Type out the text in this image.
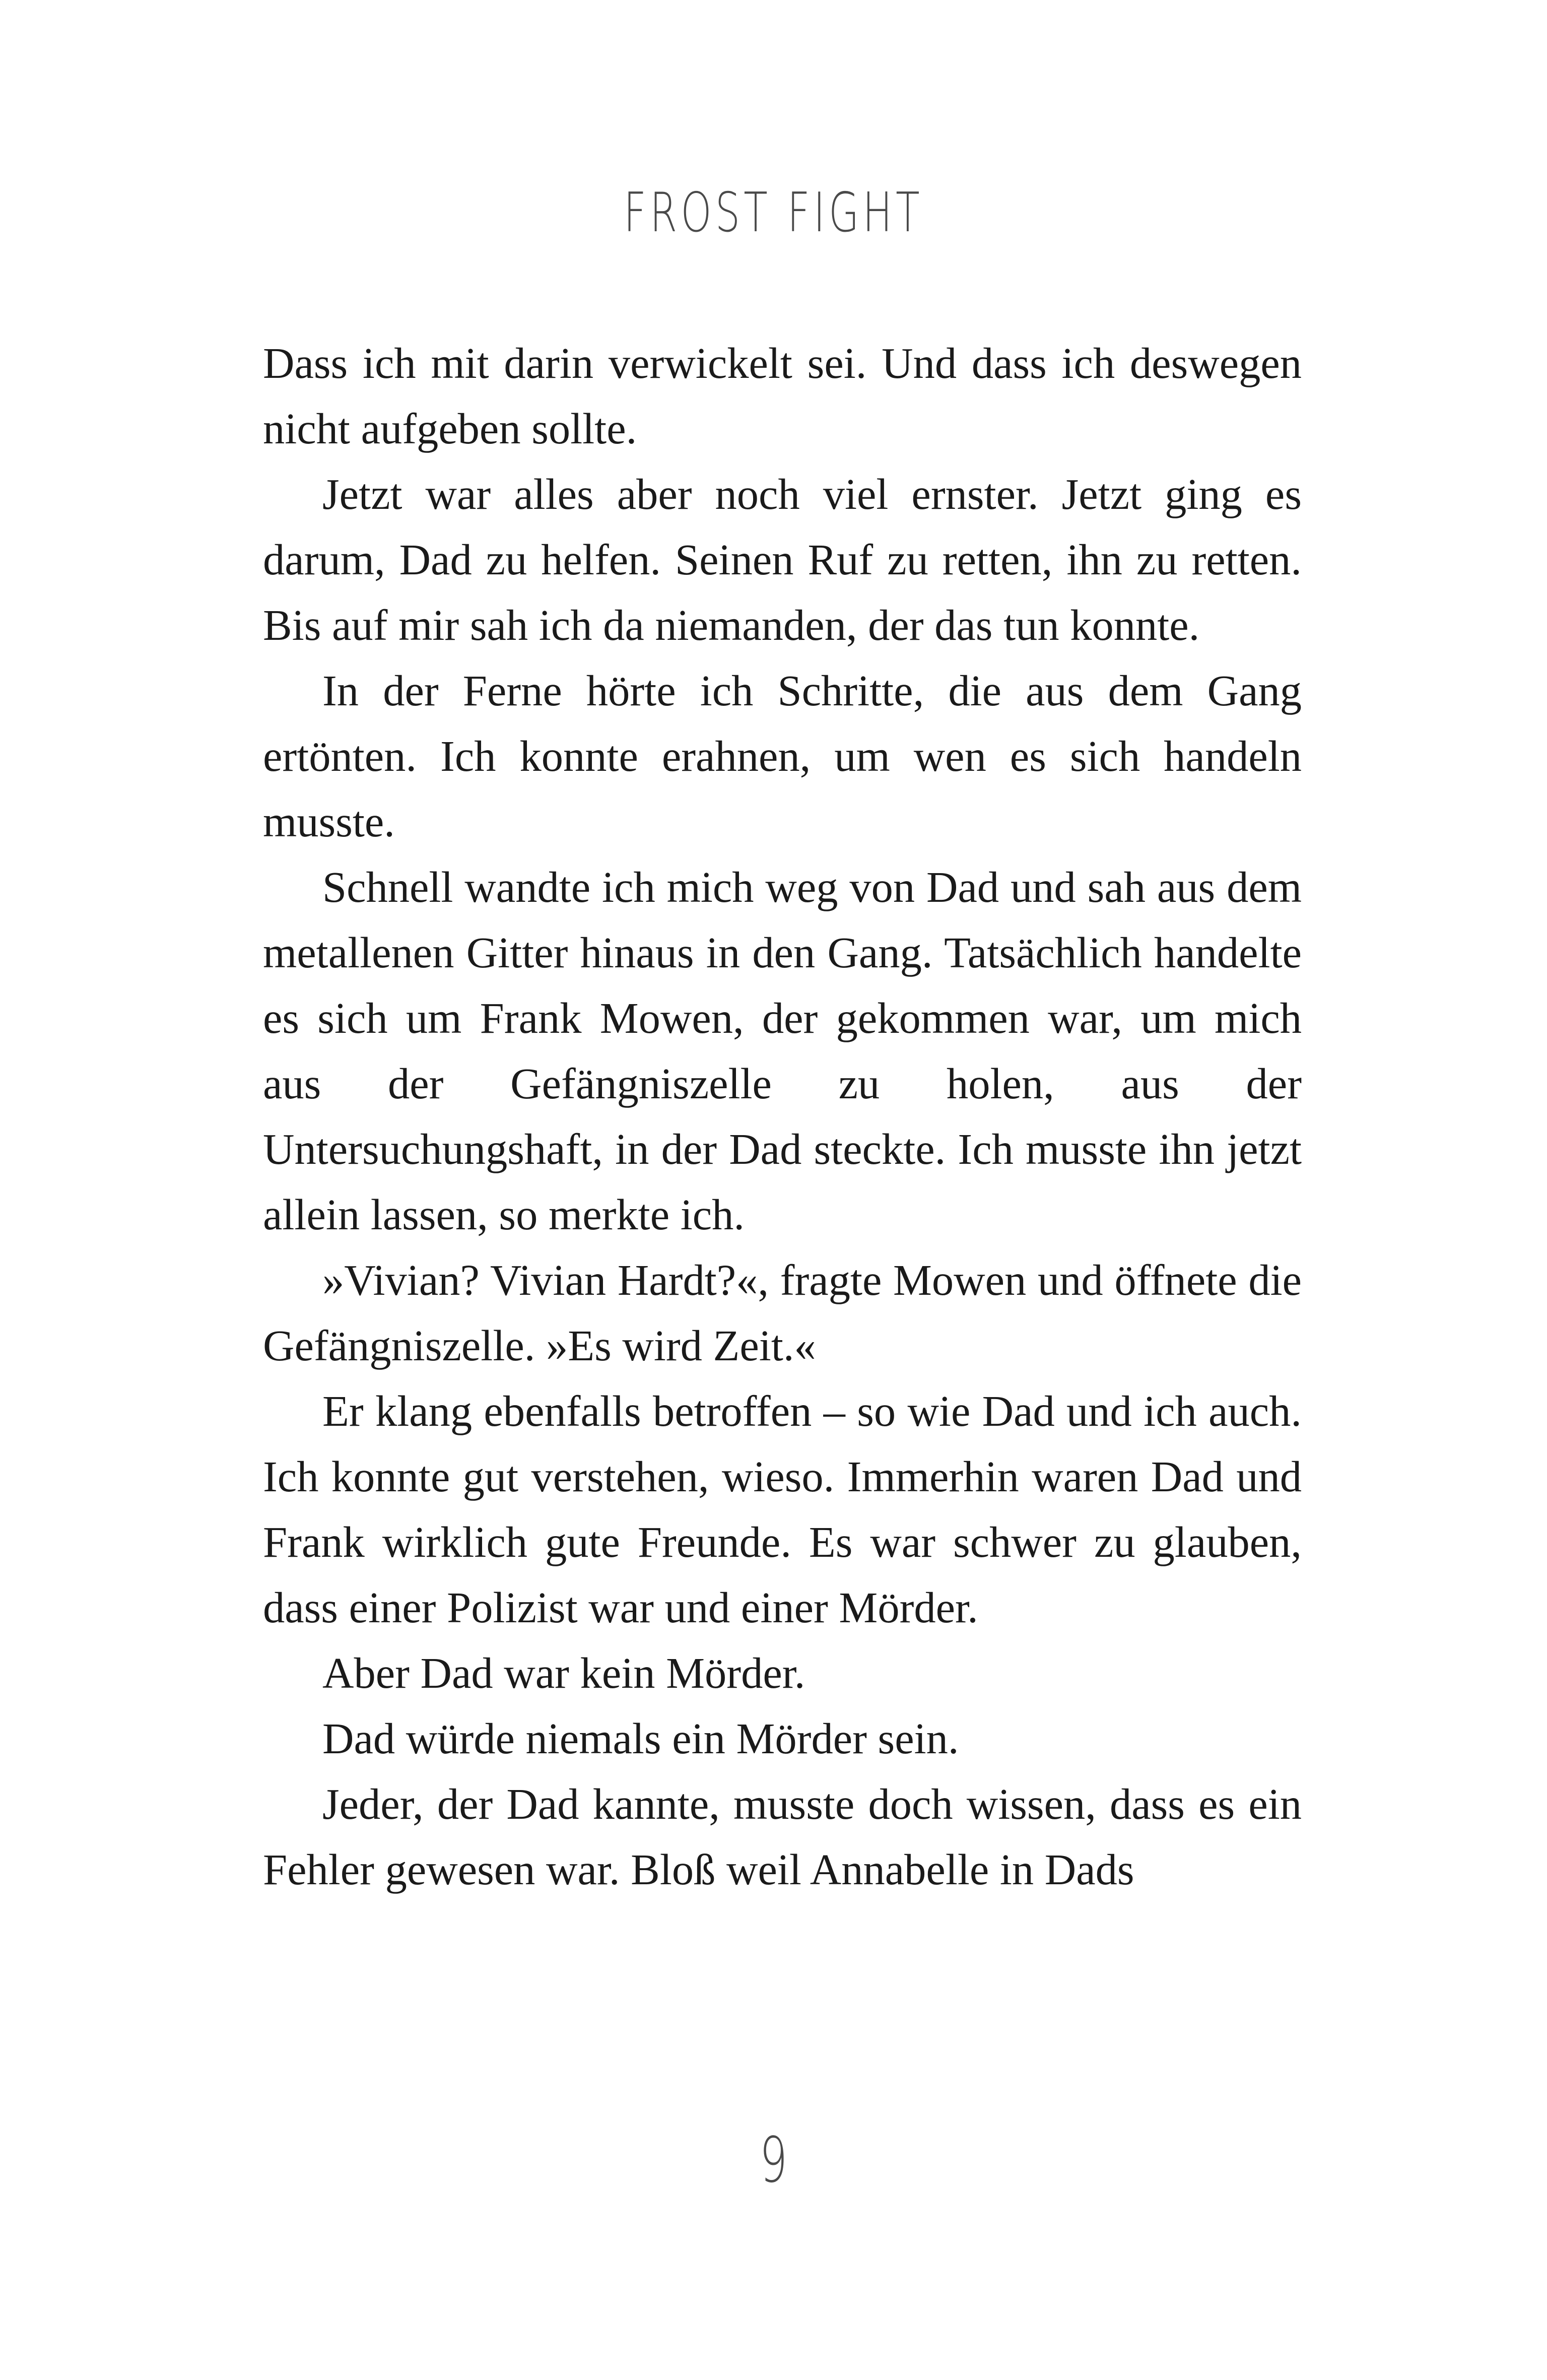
FROST FIGHT

Dass ich mit darin verwickelt sei. Und dass ich deswegen nicht aufgeben sollte.

Jetzt war alles aber noch viel ernster. Jetzt ging es darum, Dad zu helfen. Seinen Ruf zu retten, ihn zu retten. Bis auf mir sah ich da niemanden, der das tun konnte.

In der Ferne hörte ich Schritte, die aus dem Gang ertönten. Ich konnte erahnen, um wen es sich handeln musste.

Schnell wandte ich mich weg von Dad und sah aus dem metallenen Gitter hinaus in den Gang. Tatsächlich handelte es sich um Frank Mowen, der gekommen war, um mich aus der Gefängniszelle zu holen, aus der Untersuchungshaft, in der Dad steckte. Ich musste ihn jetzt allein lassen, so merkte ich.

»Vivian? Vivian Hardt?«, fragte Mowen und öffnete die Gefängniszelle. »Es wird Zeit.«

Er klang ebenfalls betroffen – so wie Dad und ich auch. Ich konnte gut verstehen, wieso. Immerhin waren Dad und Frank wirklich gute Freunde. Es war schwer zu glauben, dass einer Polizist war und einer Mörder.

Aber Dad war kein Mörder.

Dad würde niemals ein Mörder sein.

Jeder, der Dad kannte, musste doch wissen, dass es ein Fehler gewesen war. Bloß weil Annabelle in Dads

9
